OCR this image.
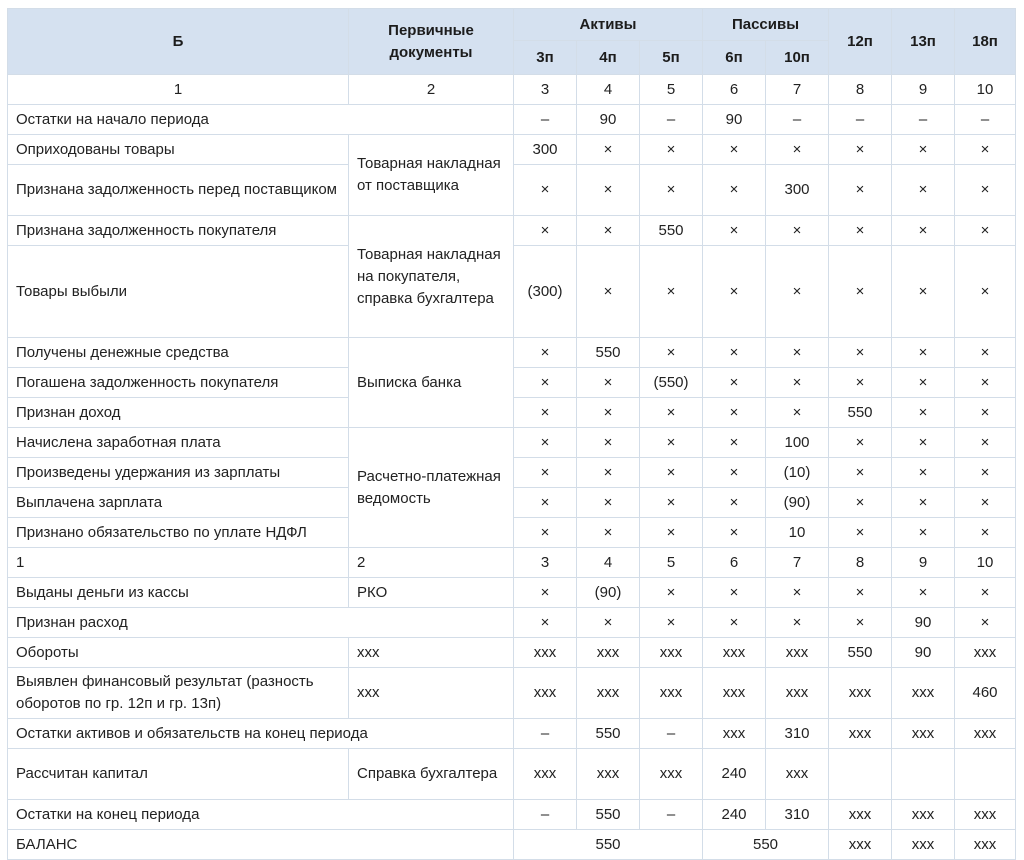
Б	Первичные документы	Активы			Пассивы		12п	13п	18п
		3п	4п	5п	6п	10п			
1	2	3	4	5	6	7	8	9	10
Остатки на начало периода		–	90	–	90	–	–	–	–
Оприходованы товары	Товарная накладная от поставщика	300	×	×	×	×	×	×	×
Признана задолженность перед поставщиком		×	×	×	×	300	×	×	×
Признана задолженность покупателя	Товарная накладная на покупателя, справка бухгалтера	×	×	550	×	×	×	×	×
Товары выбыли		(300)	×	×	×	×	×	×	×
Получены денежные средства	Выписка банка	×	550	×	×	×	×	×	×
Погашена задолженность покупателя		×	×	(550)	×	×	×	×	×
Признан доход		×	×	×	×	×	550	×	×
Начислена заработная плата	Расчетно-платежная ведомость	×	×	×	×	100	×	×	×
Произведены удержания из зарплаты		×	×	×	×	(10)	×	×	×
Выплачена зарплата		×	×	×	×	(90)	×	×	×
Признано обязательство по уплате НДФЛ		×	×	×	×	10	×	×	×
1	2	3	4	5	6	7	8	9	10
Выданы деньги из кассы	РКО	×	(90)	×	×	×	×	×	×
Признан расход		×	×	×	×	×	×	90	×
Обороты	xxx	xxx	xxx	xxx	xxx	xxx	550	90	xxx
Выявлен финансовый результат (разность оборотов по гр. 12п и гр. 13п)	xxx	xxx	xxx	xxx	xxx	xxx	xxx	xxx	460
Остатки активов и обязательств на конец периода		–	550	–	xxx	310	xxx	xxx	xxx
Рассчитан капитал	Справка бухгалтера	xxx	xxx	xxx	240	xxx			
Остатки на конец периода		–	550	–	240	310	xxx	xxx	xxx
БАЛАНС		550			550		xxx	xxx	xxx
